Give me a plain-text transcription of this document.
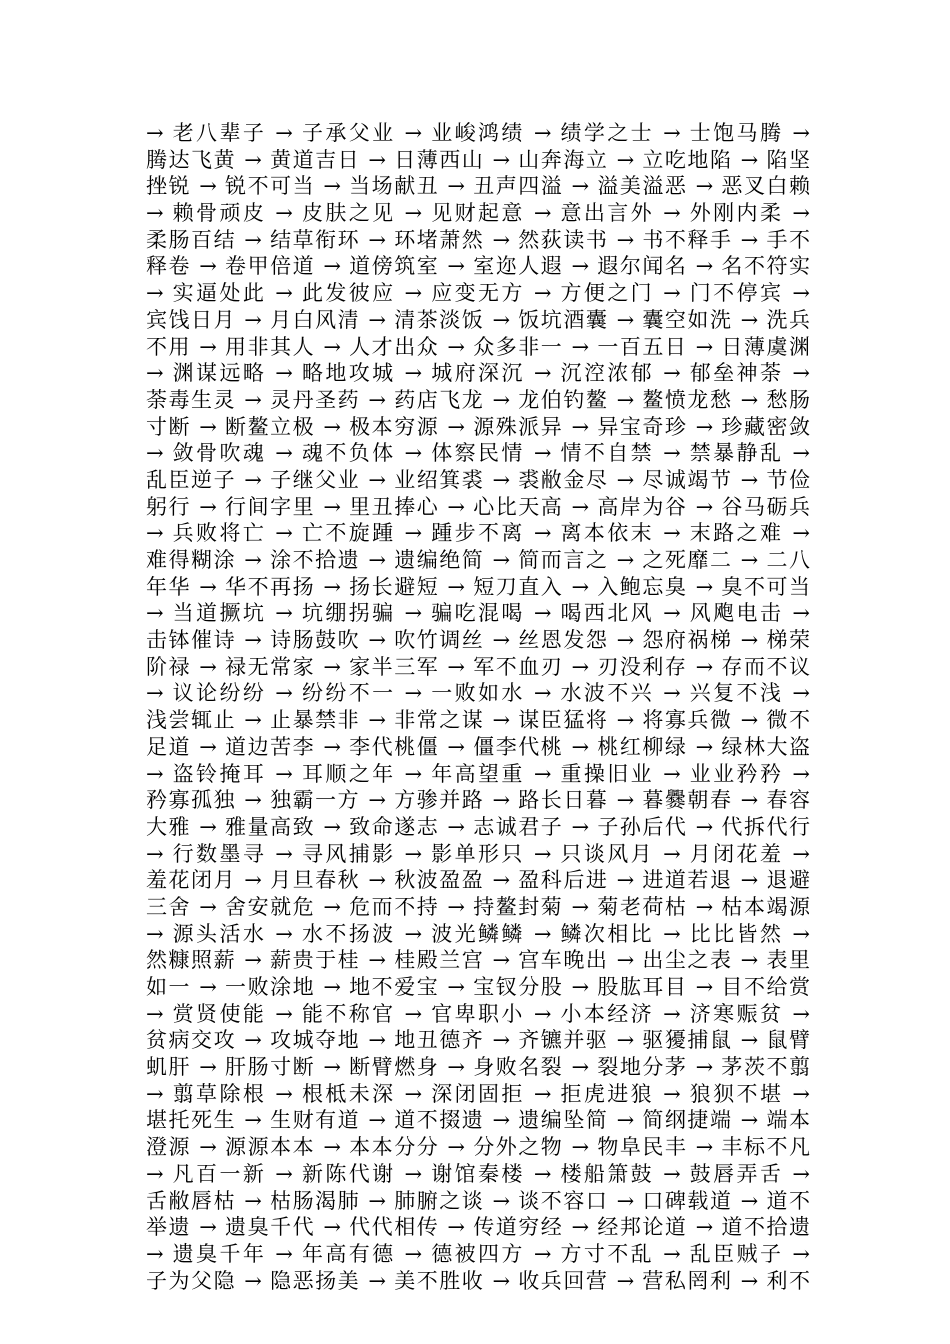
→ 老八辈子 → 子承父业 → 业峻鸿绩 → 绩学之士 → 士饱马腾 →
腾达飞黄 → 黄道吉日 → 日薄西山 → 山奔海立 → 立吃地陷 → 陷坚
挫锐 → 锐不可当 → 当场献丑 → 丑声四溢 → 溢美溢恶 → 恶叉白赖
→ 赖骨顽皮 → 皮肤之见 → 见财起意 → 意出言外 → 外刚内柔 →
柔肠百结 → 结草衔环 → 环堵萧然 → 然荻读书 → 书不释手 → 手不
释卷 → 卷甲倍道 → 道傍筑室 → 室迩人遐 → 遐尔闻名 → 名不符实
→ 实逼处此 → 此发彼应 → 应变无方 → 方便之门 → 门不停宾 →
宾饯日月 → 月白风清 → 清茶淡饭 → 饭坑酒囊 → 囊空如洗 → 洗兵
不用 → 用非其人 → 人才出众 → 众多非一 → 一百五日 → 日薄虞渊
→ 渊谋远略 → 略地攻城 → 城府深沉 → 沉涳浓郁 → 郁垒神荼 →
荼毒生灵 → 灵丹圣药 → 药店飞龙 → 龙伯钓鳌 → 鳌愤龙愁 → 愁肠
寸断 → 断鳌立极 → 极本穷源 → 源殊派异 → 异宝奇珍 → 珍藏密敛
→ 敛骨吹魂 → 魂不负体 → 体察民情 → 情不自禁 → 禁暴静乱 →
乱臣逆子 → 子继父业 → 业绍箕裘 → 裘敝金尽 → 尽诚竭节 → 节俭
躬行 → 行间字里 → 里丑捧心 → 心比天高 → 高岸为谷 → 谷马砺兵
→ 兵败将亡 → 亡不旋踵 → 踵步不离 → 离本依末 → 末路之难 →
难得糊涂 → 涂不拾遗 → 遗编绝简 → 简而言之 → 之死靡二 → 二八
年华 → 华不再扬 → 扬长避短 → 短刀直入 → 入鲍忘臭 → 臭不可当
→ 当道撅坑 → 坑绷拐骗 → 骗吃混喝 → 喝西北风 → 风飑电击 →
击钵催诗 → 诗肠鼓吹 → 吹竹调丝 → 丝恩发怨 → 怨府祸梯 → 梯荣
阶禄 → 禄无常家 → 家半三军 → 军不血刃 → 刃没利存 → 存而不议
→ 议论纷纷 → 纷纷不一 → 一败如水 → 水波不兴 → 兴复不浅 →
浅尝辄止 → 止暴禁非 → 非常之谋 → 谋臣猛将 → 将寡兵微 → 微不
足道 → 道边苦李 → 李代桃僵 → 僵李代桃 → 桃红柳绿 → 绿林大盗
→ 盗铃掩耳 → 耳顺之年 → 年高望重 → 重操旧业 → 业业矜矜 →
矜寡孤独 → 独霸一方 → 方骖并路 → 路长日暮 → 暮爨朝春 → 春容
大雅 → 雅量高致 → 致命遂志 → 志诚君子 → 子孙后代 → 代拆代行
→ 行数墨寻 → 寻风捕影 → 影单形只 → 只谈风月 → 月闭花羞 →
羞花闭月 → 月旦春秋 → 秋波盈盈 → 盈科后进 → 进道若退 → 退避
三舍 → 舍安就危 → 危而不持 → 持鳌封菊 → 菊老荷枯 → 枯本竭源
→ 源头活水 → 水不扬波 → 波光鳞鳞 → 鳞次相比 → 比比皆然 →
然糠照薪 → 薪贵于桂 → 桂殿兰宫 → 宫车晚出 → 出尘之表 → 表里
如一 → 一败涂地 → 地不爱宝 → 宝钗分股 → 股肱耳目 → 目不给赏
→ 赏贤使能 → 能不称官 → 官卑职小 → 小本经济 → 济寒赈贫 →
贫病交攻 → 攻城夺地 → 地丑德齐 → 齐镳并驱 → 驱獶捕鼠 → 鼠臂
虮肝 → 肝肠寸断 → 断臂燃身 → 身败名裂 → 裂地分茅 → 茅茨不翦
→ 翦草除根 → 根柢未深 → 深闭固拒 → 拒虎进狼 → 狼狈不堪 →
堪托死生 → 生财有道 → 道不掇遗 → 遗编坠简 → 简纲捷端 → 端本
澄源 → 源源本本 → 本本分分 → 分外之物 → 物阜民丰 → 丰标不凡
→ 凡百一新 → 新陈代谢 → 谢馆秦楼 → 楼船箫鼓 → 鼓唇弄舌 →
舌敝唇枯 → 枯肠渴肺 → 肺腑之谈 → 谈不容口 → 口碑载道 → 道不
举遗 → 遗臭千代 → 代代相传 → 传道穷经 → 经邦论道 → 道不拾遗
→ 遗臭千年 → 年高有德 → 德被四方 → 方寸不乱 → 乱臣贼子 →
子为父隐 → 隐恶扬美 → 美不胜收 → 收兵回营 → 营私罔利 → 利不
